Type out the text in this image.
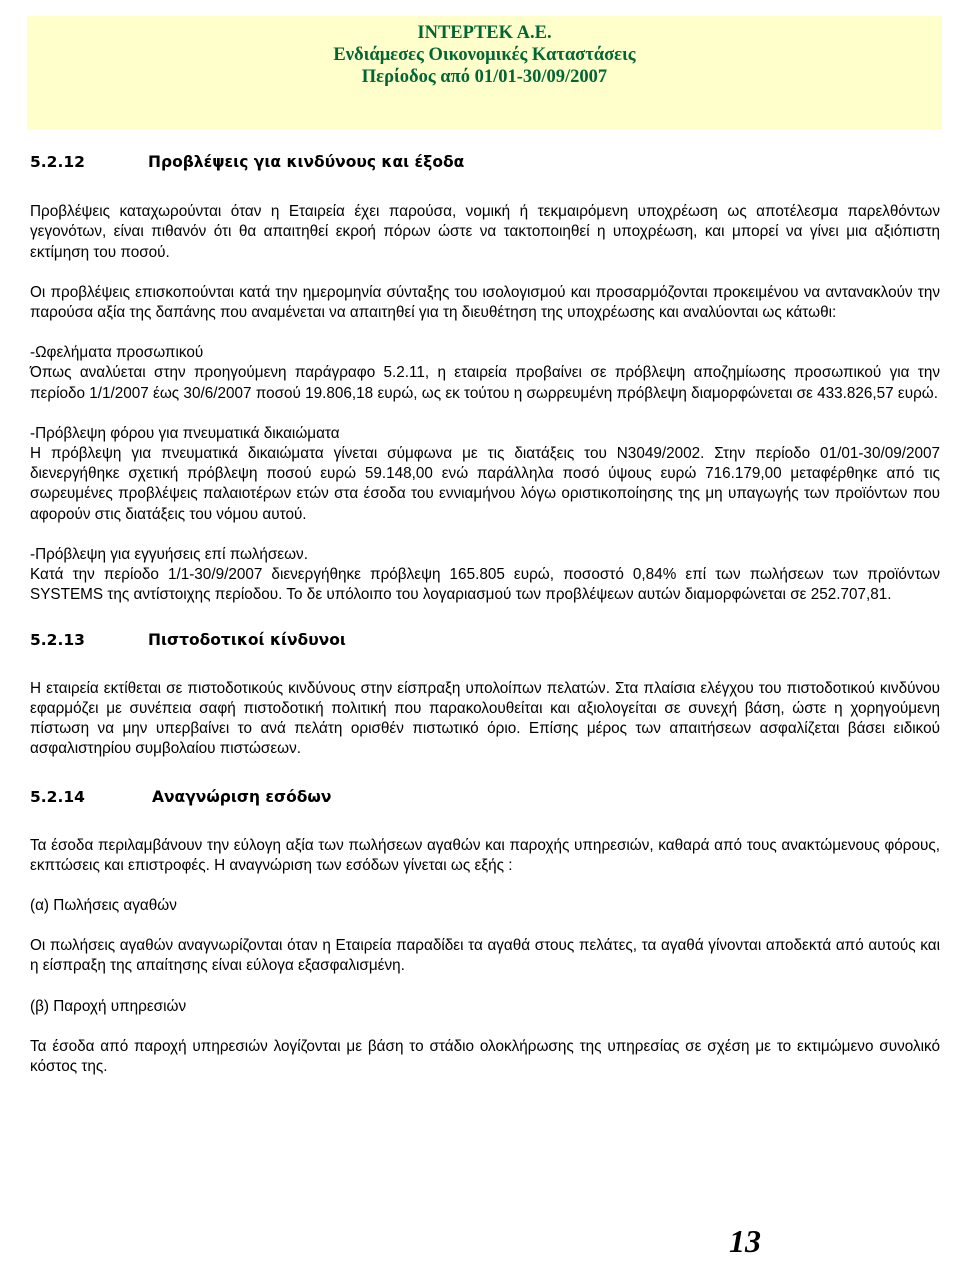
ΙΝΤΕΡΤΕΚ Α.Ε.
Ενδιάμεσες Οικονομικές Καταστάσεις
Περίοδος από 01/01-30/09/2007
5.2.12	Προβλέψεις για κινδύνους και έξοδα

Προβλέψεις καταχωρούνται όταν η Εταιρεία έχει παρούσα, νομική ή τεκμαιρόμενη υποχρέωση ως αποτέλεσμα παρελθόντων γεγονότων, είναι πιθανόν ότι θα απαιτηθεί εκροή πόρων ώστε να τακτοποιηθεί η υποχρέωση, και μπορεί να γίνει μια αξιόπιστη εκτίμηση του ποσού.

Οι προβλέψεις επισκοπούνται κατά την ημερομηνία σύνταξης του ισολογισμού και προσαρμόζονται προκειμένου να αντανακλούν την παρούσα αξία της δαπάνης που αναμένεται να απαιτηθεί για τη διευθέτηση της υποχρέωσης και αναλύονται ως κάτωθι:

-Ωφελήματα προσωπικού

Όπως αναλύεται στην προηγούμενη παράγραφο 5.2.11, η εταιρεία προβαίνει σε πρόβλεψη αποζημίωσης προσωπικού για την περίοδο 1/1/2007 έως 30/6/2007 ποσού 19.806,18 ευρώ, ως εκ τούτου η σωρρευμένη πρόβλεψη διαμορφώνεται σε 433.826,57 ευρώ.

-Πρόβλεψη φόρου για πνευματικά δικαιώματα

Η πρόβλεψη για πνευματικά δικαιώματα γίνεται σύμφωνα με τις διατάξεις του Ν3049/2002. Στην περίοδο 01/01-30/09/2007 διενεργήθηκε σχετική πρόβλεψη ποσού ευρώ 59.148,00 ενώ παράλληλα ποσό ύψους ευρώ 716.179,00 μεταφέρθηκε από τις σωρευμένες προβλέψεις παλαιοτέρων ετών στα έσοδα του εννιαμήνου λόγω οριστικοποίησης της μη υπαγωγής των προϊόντων που αφορούν στις διατάξεις του νόμου αυτού.

-Πρόβλεψη για εγγυήσεις επί πωλήσεων.

Κατά την περίοδο 1/1-30/9/2007 διενεργήθηκε πρόβλεψη 165.805 ευρώ, ποσοστό 0,84% επί των πωλήσεων των προϊόντων SYSTEMS της αντίστοιχης περίοδου. Το δε υπόλοιπο του λογαριασμού των προβλέψεων αυτών διαμορφώνεται σε 252.707,81.

5.2.13	Πιστοδοτικοί κίνδυνοι

Η εταιρεία εκτίθεται σε πιστοδοτικούς κινδύνους στην είσπραξη υπολοίπων πελατών. Στα πλαίσια ελέγχου του πιστοδοτικού κινδύνου εφαρμόζει με συνέπεια σαφή πιστοδοτική πολιτική που παρακολουθείται και αξιολογείται σε συνεχή βάση, ώστε η χορηγούμενη πίστωση να μην υπερβαίνει το ανά πελάτη ορισθέν πιστωτικό όριο. Επίσης μέρος των απαιτήσεων ασφαλίζεται βάσει ειδικού ασφαλιστηρίου συμβολαίου πιστώσεων.

5.2.14	Αναγνώριση εσόδων

Τα έσοδα περιλαμβάνουν την εύλογη αξία των πωλήσεων αγαθών και παροχής υπηρεσιών, καθαρά από τους ανακτώμενους φόρους, εκπτώσεις και επιστροφές. Η αναγνώριση των εσόδων γίνεται ως εξής :

(α) Πωλήσεις αγαθών

Οι πωλήσεις αγαθών αναγνωρίζονται όταν η Εταιρεία παραδίδει τα αγαθά στους πελάτες, τα αγαθά γίνονται αποδεκτά από αυτούς και η είσπραξη της απαίτησης είναι εύλογα εξασφαλισμένη.

(β) Παροχή υπηρεσιών

Τα έσοδα από παροχή υπηρεσιών λογίζονται με βάση το στάδιο ολοκλήρωσης της υπηρεσίας σε σχέση με το εκτιμώμενο συνολικό κόστος της.

13
